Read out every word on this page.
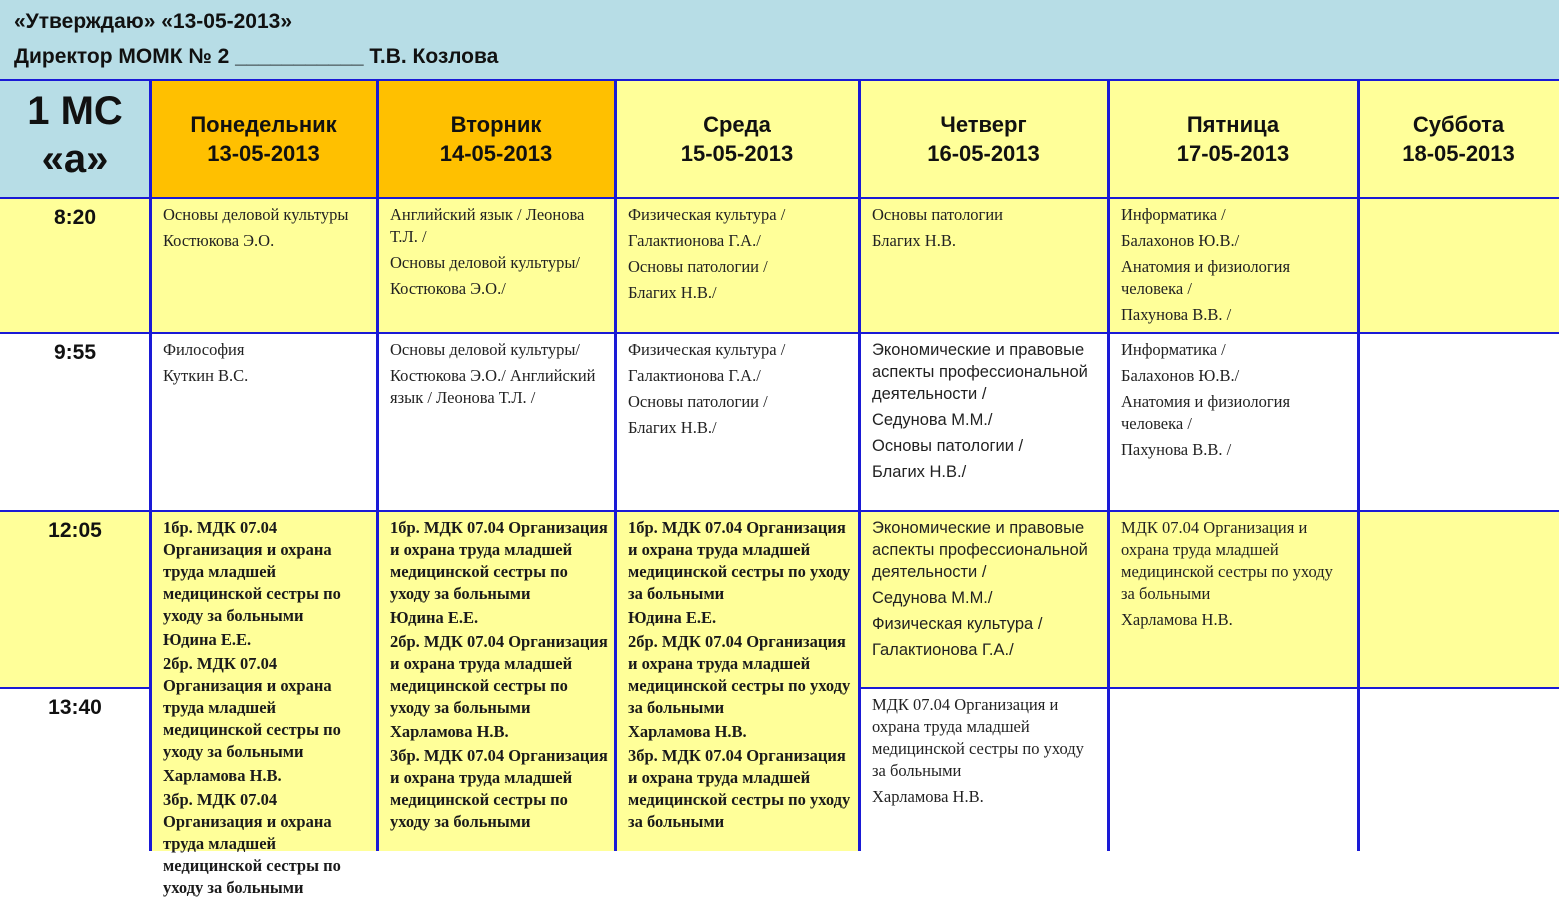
«Утверждаю» «13-05-2013»
Директор МОМК № 2 ___________ Т.В. Козлова
1 МС
«а»
Понедельник
13-05-2013
Вторник
14-05-2013
Среда
15-05-2013
Четверг
16-05-2013
Пятница
17-05-2013
Суббота
18-05-2013
8:20	Основы деловой культуры

Костюкова Э.О.

Английский язык / Леонова Т.Л. /

Основы деловой культуры/

Костюкова Э.О./

Физическая культура /

Галактионова Г.А./

Основы патологии /

Благих Н.В./

Основы патологии

Благих Н.В.

Информатика /

Балахонов Ю.В./

Анатомия и физиология человека /

Пахунова В.В. /

9:55	Философия

Куткин В.С.

Основы деловой культуры/

Костюкова Э.О./ Английский язык / Леонова Т.Л. /

Физическая культура /

Галактионова Г.А./

Основы патологии /

Благих Н.В./

Экономические и правовые аспекты профессиональной деятельности /

Седунова М.М./

Основы патологии /

Благих Н.В./

Информатика /

Балахонов Ю.В./

Анатомия и физиология человека /

Пахунова В.В. /

12:05
13:40

1бр. МДК 07.04 Организация и охрана труда младшей медицинской сестры по уходу за больными

Юдина Е.Е.

2бр. МДК 07.04 Организация и охрана труда младшей медицинской сестры по уходу за больными

Харламова Н.В.

3бр. МДК 07.04 Организация и охрана труда младшей медицинской сестры по уходу за больными

1бр. МДК 07.04 Организация и охрана труда младшей медицинской сестры по уходу за больными

Юдина Е.Е.

2бр. МДК 07.04 Организация и охрана труда младшей медицинской сестры по уходу за больными

Харламова Н.В.

3бр. МДК 07.04 Организация и охрана труда младшей медицинской сестры по уходу за больными

1бр. МДК 07.04 Организация и охрана труда младшей медицинской сестры по уходу за больными

Юдина Е.Е.

2бр. МДК 07.04 Организация и охрана труда младшей медицинской сестры по уходу за больными

Харламова Н.В.

3бр. МДК 07.04 Организация и охрана труда младшей медицинской сестры по уходу за больными

Экономические и правовые аспекты профессиональной деятельности /

Седунова М.М./

Физическая культура /

Галактионова Г.А./

МДК 07.04 Организация и охрана труда младшей медицинской сестры по уходу за больными

Харламова Н.В.

МДК 07.04 Организация и охрана труда младшей медицинской сестры по уходу за больными

Харламова Н.В.
